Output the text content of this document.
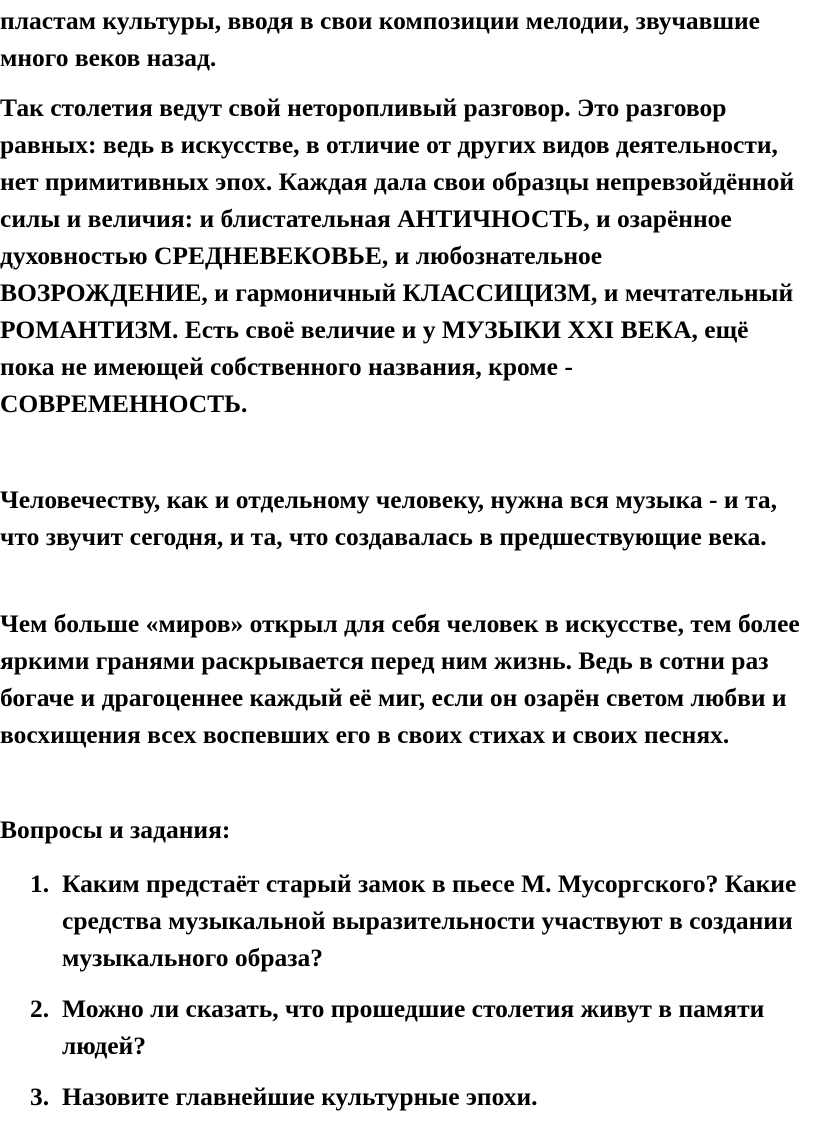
пластам культуры, вводя в свои композиции мелодии, звучавшие много веков назад.

Так столетия ведут свой неторопливый разговор. Это разговор равных: ведь в искусстве, в отличие от других видов деятельности, нет примитивных эпох. Каждая дала свои образцы непревзойдённой силы и величия: и блистательная АНТИЧНОСТЬ, и озарённое духовностью СРЕДНЕВЕКОВЬЕ, и любознательное ВОЗРОЖДЕНИЕ, и гармоничный КЛАССИЦИЗМ, и мечтательный РОМАНТИЗМ. Есть своё величие и у МУЗЫКИ XXI ВЕКА, ещё пока не имеющей собственного названия, кроме - СОВРЕМЕННОСТЬ.

Человечеству, как и отдельному человеку, нужна вся музыка - и та, что звучит сегодня, и та, что создавалась в предшествующие века.

Чем больше «миров» открыл для себя человек в искусстве, тем более яркими гранями раскрывается перед ним жизнь. Ведь в сотни раз богаче и драгоценнее каждый её миг, если он озарён светом любви и восхищения всех воспевших его в своих стихах и своих песнях.

Вопросы и задания:

1. Каким предстаёт старый замок в пьесе М. Мусоргского? Какие средства музыкальной выразительности участвуют в создании музыкального образа?
2. Можно ли сказать, что прошедшие столетия живут в памяти людей?
3. Назовите главнейшие культурные эпохи.
